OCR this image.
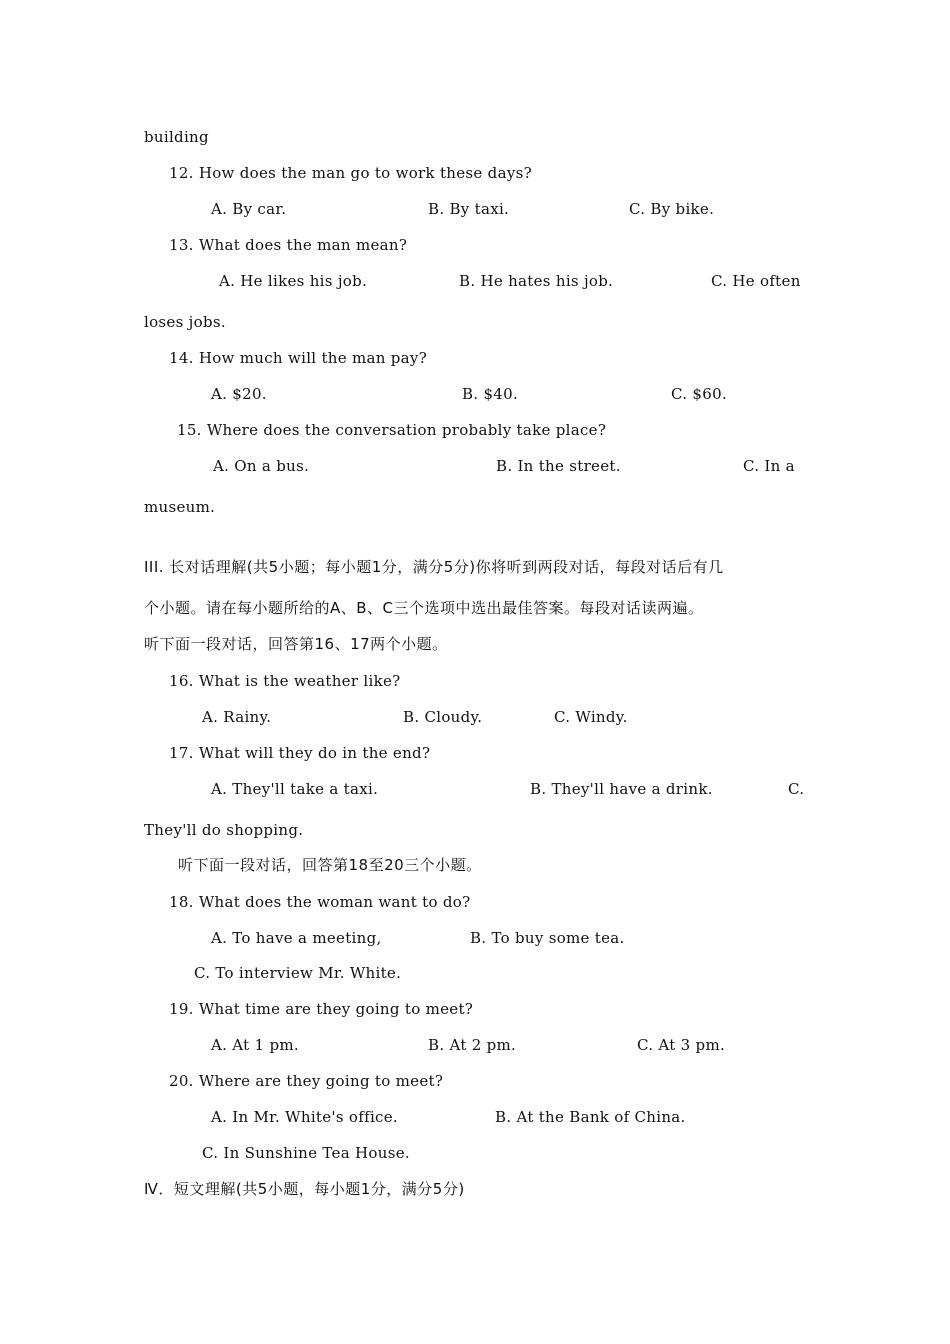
building
12. How does the man go to work these days?
A. By car.	B. By taxi.	C. By bike.
13. What does the man mean?
A. He likes his job.	B. He hates his job.	C. He often
loses jobs.
14. How much will the man pay?
A. $20.	B. $40.	C. $60.
15. Where does the conversation probably take place?
A. On a bus.	B. In the street.	C. In a
museum.
III. 长对话理解(共5小题；每小题1分，满分5分)你将听到两段对话，每段对话后有几
个小题。请在每小题所给的A、B、C三个选项中选出最佳答案。每段对话读两遍。
听下面一段对话，回答第16、17两个小题。
16. What is the weather like?
A. Rainy.	B. Cloudy.	C. Windy.
17. What will they do in the end?
A. They'll take a taxi.	B. They'll have a drink.	C.
They'll do shopping.
听下面一段对话，回答第18至20三个小题。
18. What does the woman want to do?
A. To have a meeting,	B. To buy some tea.
C. To interview Mr. White.
19. What time are they going to meet?
A. At 1 pm.	B. At 2 pm.	C. At 3 pm.
20. Where are they going to meet?
A. In Mr. White's office.	B. At the Bank of China.
C. In Sunshine Tea House.
Ⅳ．短文理解(共5小题，每小题1分，满分5分)
